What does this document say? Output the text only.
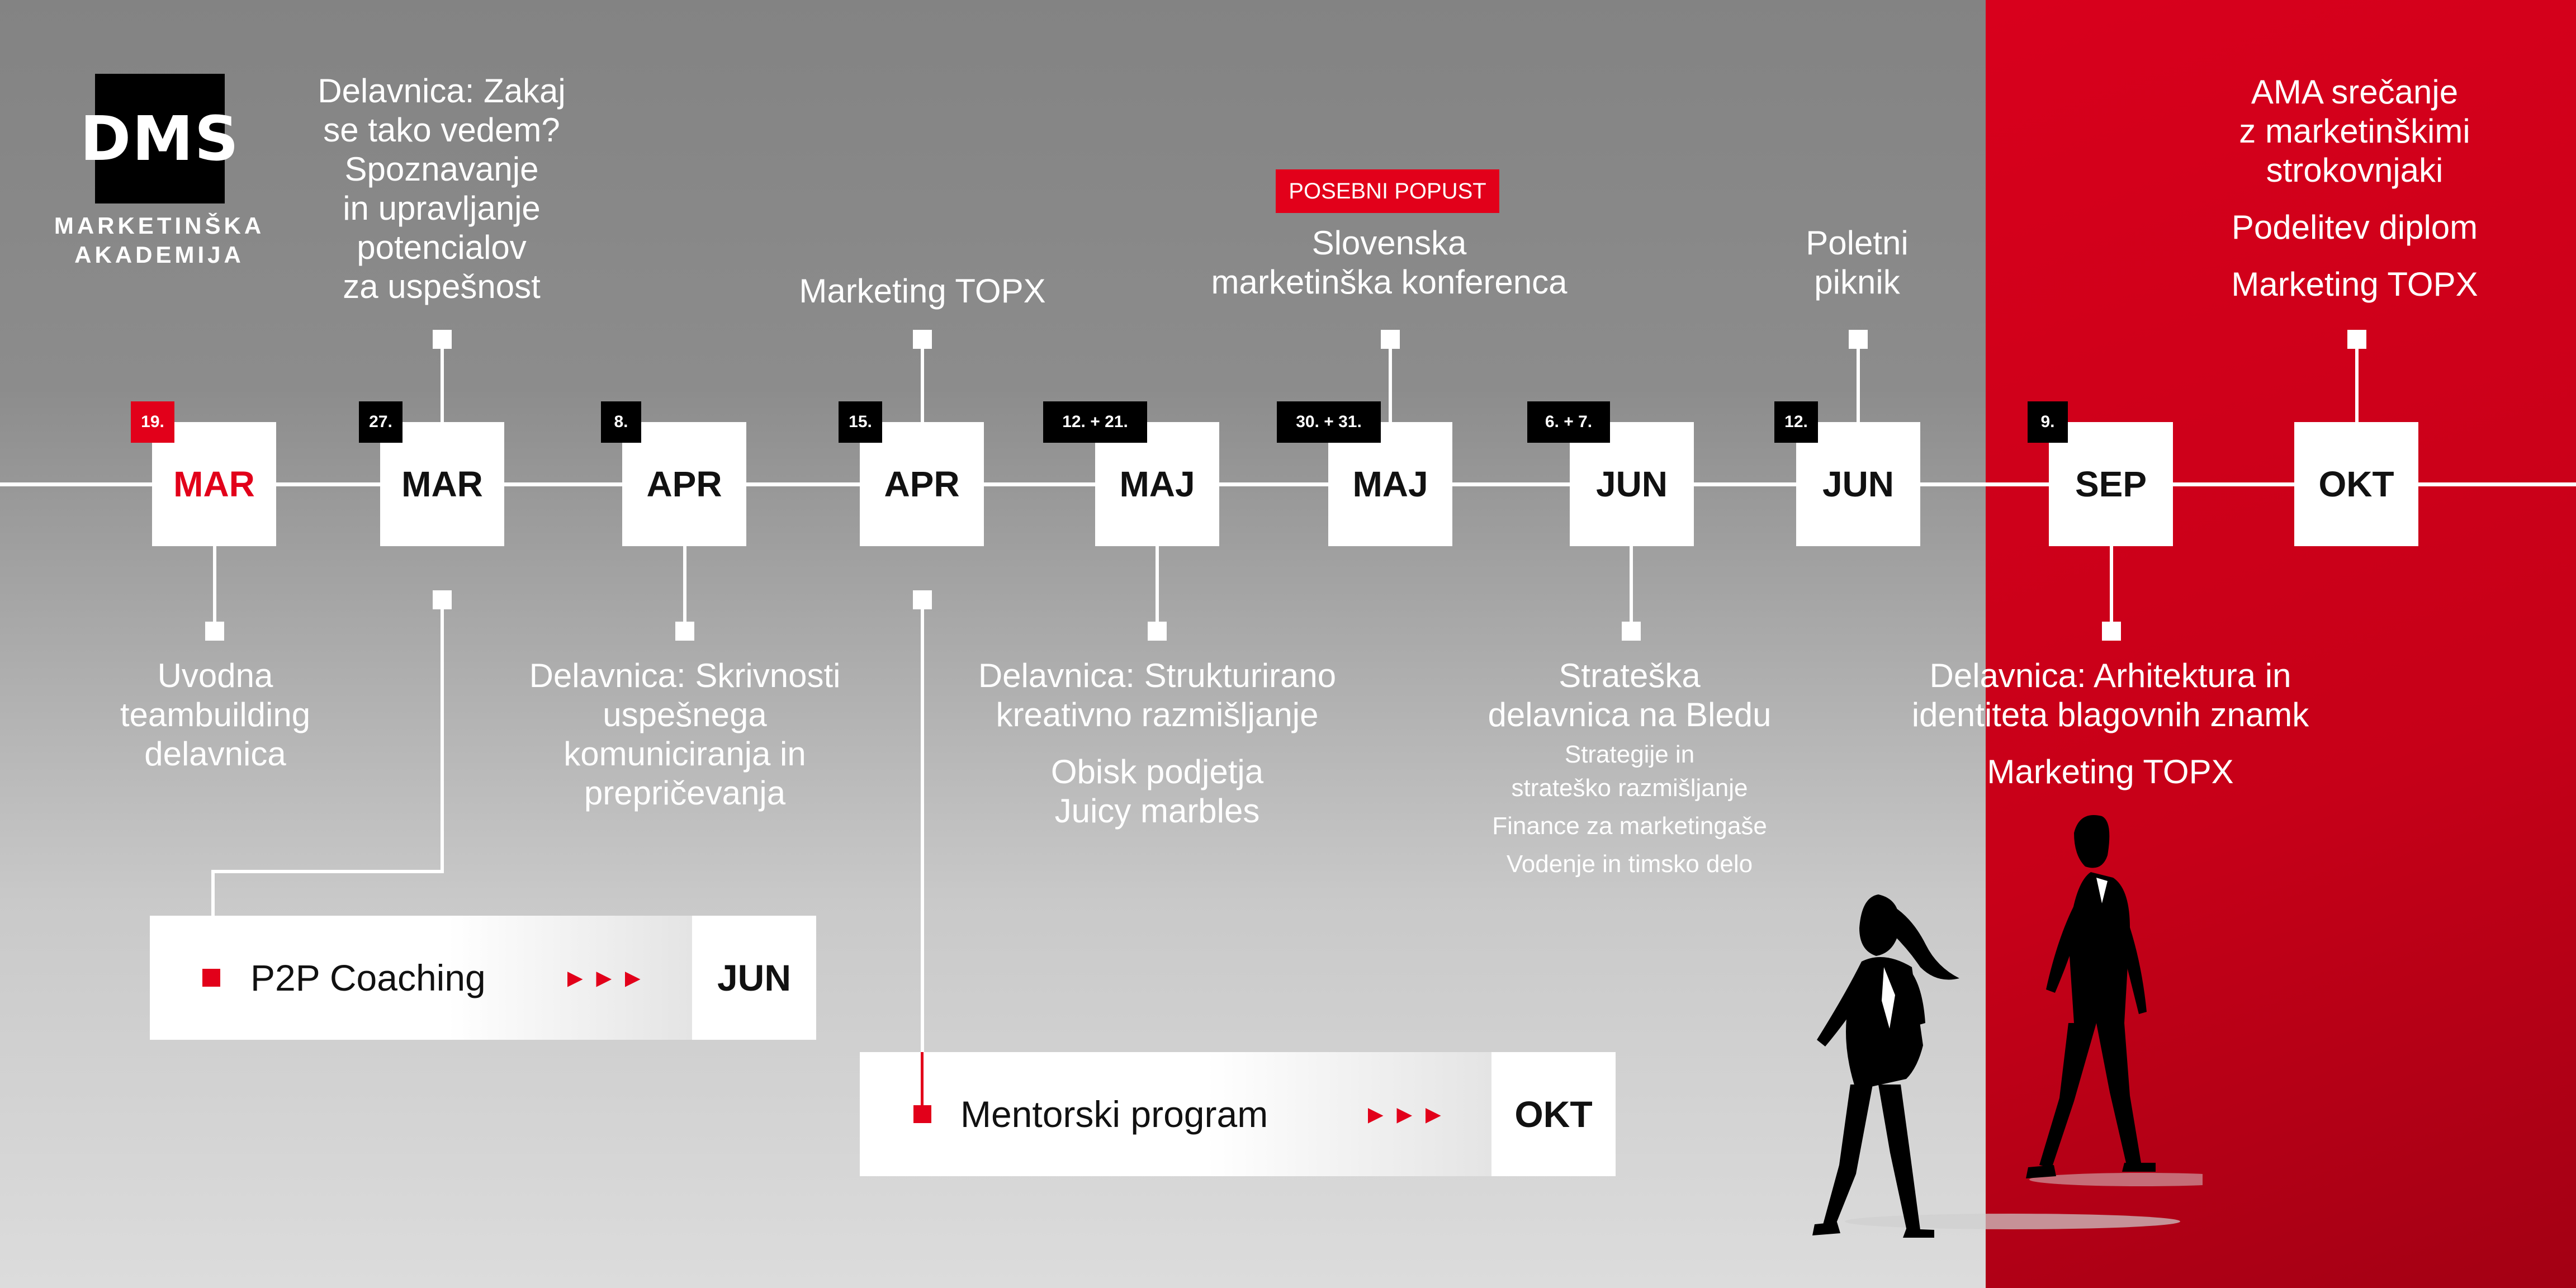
DMS
MARKETINŠKA
AKADEMIJA
MAR	MAR	APR	APR	MAJ	MAJ	JUN	JUN	SEP	OKT
19.	27.	8.	15.	12. + 21.	30. + 31.	6. + 7.	12.	9.
Delavnica: Zakaj
se tako vedem?
Spoznavanje
in upravljanje
potencialov
za uspešnost	Marketing TOPX
POSEBNI POPUST
Slovenska
marketinška konferenca
Poletni
piknik
AMA srečanje
z marketinškimi
strokovnjaki
Podelitev diplom
Marketing TOPX
Uvodna
teambuilding
delavnica
Delavnica: Skrivnosti
uspešnega
komuniciranja in
prepričevanja
Delavnica: Strukturirano
kreativno razmišljanje
Obisk podjetja
Juicy marbles
Strateška
delavnica na Bledu
Strategije in
strateško razmišljanje
Finance za marketingaše
Vodenje in timsko delo
Delavnica: Arhitektura in
identiteta blagovnih znamk
Marketing TOPX
P2P Coaching	►►►	JUN
Mentorski program	►►►	OKT
